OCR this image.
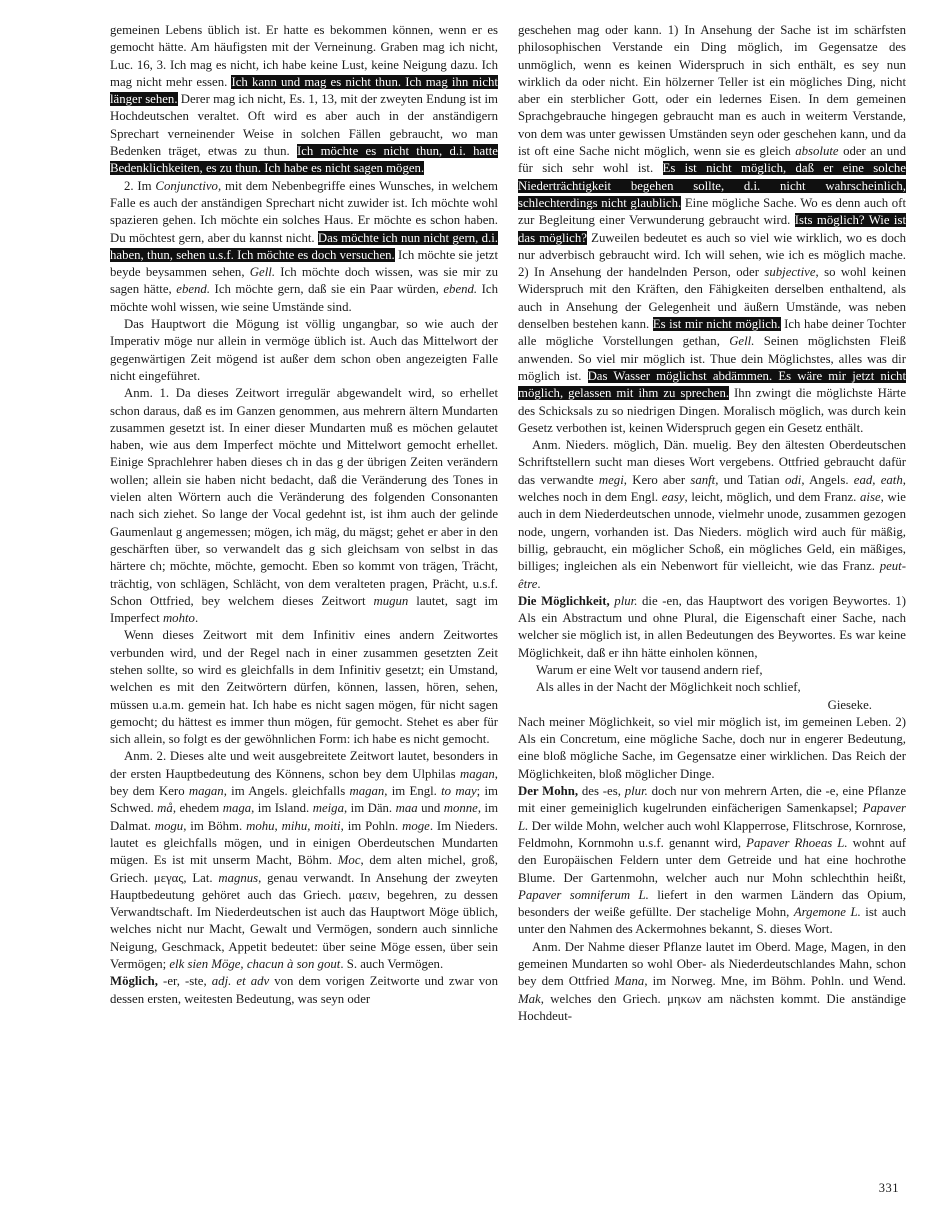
gemeinen Lebens üblich ist. Er hatte es bekommen können, wenn er es gemocht hätte. Am häufigsten mit der Verneinung. Graben mag ich nicht, Luc. 16, 3. Ich mag es nicht, ich habe keine Lust, keine Neigung dazu. Ich mag nicht mehr essen. Ich kann und mag es nicht thun. Ich mag ihn nicht länger sehen. Derer mag ich nicht, Es. 1, 13, mit der zweyten Endung ist im Hochdeutschen veraltet. Oft wird es aber auch in der anständigern Sprechart verneinender Weise in solchen Fällen gebraucht, wo man Bedenken träget, etwas zu thun. Ich möchte es nicht thun, d.i. hatte Bedenklichkeiten, es zu thun. Ich habe es nicht sagen mögen.

2. Im Conjunctivo, mit dem Nebenbegriffe eines Wunsches, in welchem Falle es auch der anständigen Sprechart nicht zuwider ist. Ich möchte wohl spazieren gehen. Ich möchte ein solches Haus. Er möchte es schon haben. Du möchtest gern, aber du kannst nicht. Das möchte ich nun nicht gern, d.i. haben, thun, sehen u.s.f. Ich möchte es doch versuchen. Ich möchte sie jetzt beyde beysammen sehen, Gell. Ich möchte doch wissen, was sie mir zu sagen hätte, ebend. Ich möchte gern, daß sie ein Paar würden, ebend. Ich möchte wohl wissen, wie seine Umstände sind.

Das Hauptwort die Mögung ist völlig ungangbar, so wie auch der Imperativ möge nur allein in vermöge üblich ist. Auch das Mittelwort der gegenwärtigen Zeit mögend ist außer dem schon oben angezeigten Falle nicht eingeführet.

Anm. 1. Da dieses Zeitwort irregulär abgewandelt wird, so erhellet schon daraus, daß es im Ganzen genommen, aus mehrern ältern Mundarten zusammen gesetzt ist. In einer dieser Mundarten muß es möchen gelautet haben, wie aus dem Imperfect möchte und Mittelwort gemocht erhellet. Einige Sprachlehrer haben dieses ch in das g der übrigen Zeiten verändern wollen; allein sie haben nicht bedacht, daß die Veränderung des Tones in vielen alten Wörtern auch die Veränderung des folgenden Consonanten nach sich ziehet. So lange der Vocal gedehnt ist, ist ihm auch der gelinde Gaumenlaut g angemessen; mögen, ich mäg, du mägst; gehet er aber in den geschärften über, so verwandelt das g sich gleichsam von selbst in das härtere ch; möchte, möchte, gemocht. Eben so kommt von trägen, Trächt, trächtig, von schlägen, Schlächt, von dem veralteten pragen, Prächt, u.s.f. Schon Ottfried, bey welchem dieses Zeitwort mugun lautet, sagt im Imperfect mohto.

Wenn dieses Zeitwort mit dem Infinitiv eines andern Zeitwortes verbunden wird, und der Regel nach in einer zusammen gesetzten Zeit stehen sollte, so wird es gleichfalls in dem Infinitiv gesetzt; ein Umstand, welchen es mit den Zeitwörtern dürfen, können, lassen, hören, sehen, müssen u.a.m. gemein hat. Ich habe es nicht sagen mögen, für nicht sagen gemocht; du hättest es immer thun mögen, für gemocht. Stehet es aber für sich allein, so folgt es der gewöhnlichen Form: ich habe es nicht gemocht.

Anm. 2. Dieses alte und weit ausgebreitete Zeitwort lautet, besonders in der ersten Hauptbedeutung des Könnens, schon bey dem Ulphilas magan, bey dem Kero magan, im Angels. gleichfalls magan, im Engl. to may; im Schwed. må, ehedem maga, im Island. meiga, im Dän. maa und monne, im Dalmat. mogu, im Böhm. mohu, mihu, moiti, im Pohln. moge. Im Nieders. lautet es gleichfalls mögen, und in einigen Oberdeutschen Mundarten mügen. Es ist mit unserm Macht, Böhm. Moc, dem alten michel, groß, Griech. μεγας, Lat. magnus, genau verwandt. In Ansehung der zweyten Hauptbedeutung gehöret auch das Griech. μαειν, begehren, zu dessen Verwandtschaft. Im Niederdeutschen ist auch das Hauptwort Möge üblich, welches nicht nur Macht, Gewalt und Vermögen, sondern auch sinnliche Neigung, Geschmack, Appetit bedeutet: über seine Möge essen, über sein Vermögen; elk sien Möge, chacun à son gout. S. auch Vermögen.

Möglich, -er, -ste, adj. et adv von dem vorigen Zeitworte und zwar von dessen ersten, weitesten Bedeutung, was seyn oder

geschehen mag oder kann. 1) In Ansehung der Sache ist im schärfsten philosophischen Verstande ein Ding möglich, im Gegensatze des unmöglich, wenn es keinen Widerspruch in sich enthält, es sey nun wirklich da oder nicht. Ein hölzerner Teller ist ein mögliches Ding, nicht aber ein sterblicher Gott, oder ein ledernes Eisen. In dem gemeinen Sprachgebrauche hingegen gebraucht man es auch in weiterm Verstande, von dem was unter gewissen Umständen seyn oder geschehen kann, und da ist oft eine Sache nicht möglich, wenn sie es gleich absolute oder an und für sich sehr wohl ist. Es ist nicht möglich, daß er eine solche Niederträchtigkeit begehen sollte, d.i. nicht wahrscheinlich, schlechterdings nicht glaublich. Eine mögliche Sache. Wo es denn auch oft zur Begleitung einer Verwunderung gebraucht wird. Ists möglich? Wie ist das möglich? Zuweilen bedeutet es auch so viel wie wirklich, wo es doch nur adverbisch gebraucht wird. Ich will sehen, wie ich es möglich mache. 2) In Ansehung der handelnden Person, oder subjective, so wohl keinen Widerspruch mit den Kräften, den Fähigkeiten derselben enthaltend, als auch in Ansehung der Gelegenheit und äußern Umstände, was neben denselben bestehen kann. Es ist mir nicht möglich. Ich habe deiner Tochter alle mögliche Vorstellungen gethan, Gell. Seinen möglichsten Fleiß anwenden. So viel mir möglich ist. Thue dein Möglichstes, alles was dir möglich ist. Das Wasser möglichst abdämmen. Es wäre mir jetzt nicht möglich, gelassen mit ihm zu sprechen. Ihn zwingt die möglichste Härte des Schicksals zu so niedrigen Dingen. Moralisch möglich, was durch kein Gesetz verbothen ist, keinen Widerspruch gegen ein Gesetz enthält.

Anm. Nieders. möglich, Dän. muelig. Bey den ältesten Oberdeutschen Schriftstellern sucht man dieses Wort vergebens. Ottfried gebraucht dafür das verwandte megi, Kero aber sanft, und Tatian odi, Angels. ead, eath, welches noch in dem Engl. easy, leicht, möglich, und dem Franz. aise, wie auch in dem Niederdeutschen unnode, vielmehr unode, zusammen gezogen node, ungern, vorhanden ist. Das Nieders. möglich wird auch für mäßig, billig, gebraucht, ein möglicher Schoß, ein mögliches Geld, ein mäßiges, billiges; ingleichen als ein Nebenwort für vielleicht, wie das Franz. peut-être.

Die Möglichkeit, plur. die -en, das Hauptwort des vorigen Beywortes. 1) Als ein Abstractum und ohne Plural, die Eigenschaft einer Sache, nach welcher sie möglich ist, in allen Bedeutungen des Beywortes. Es war keine Möglichkeit, daß er ihn hätte einholen können,

Warum er eine Welt vor tausend andern rief,

Als alles in der Nacht der Möglichkeit noch schlief,

Gieseke.

Nach meiner Möglichkeit, so viel mir möglich ist, im gemeinen Leben. 2) Als ein Concretum, eine mögliche Sache, doch nur in engerer Bedeutung, eine bloß mögliche Sache, im Gegensatze einer wirklichen. Das Reich der Möglichkeiten, bloß möglicher Dinge.

Der Mohn, des -es, plur. doch nur von mehrern Arten, die -e, eine Pflanze mit einer gemeiniglich kugelrunden einfächerigen Samenkapsel; Papaver L. Der wilde Mohn, welcher auch wohl Klapperrose, Flitschrose, Kornrose, Feldmohn, Kornmohn u.s.f. genannt wird, Papaver Rhoeas L. wohnt auf den Europäischen Feldern unter dem Getreide und hat eine hochrothe Blume. Der Gartenmohn, welcher auch nur Mohn schlechthin heißt, Papaver somniferum L. liefert in den warmen Ländern das Opium, besonders der weiße gefüllte. Der stachelige Mohn, Argemone L. ist auch unter den Nahmen des Ackermohnes bekannt, S. dieses Wort.

Anm. Der Nahme dieser Pflanze lautet im Oberd. Mage, Magen, in den gemeinen Mundarten so wohl Ober- als Niederdeutschlandes Mahn, schon bey dem Ottfried Mana, im Norweg. Mne, im Böhm. Pohln. und Wend. Mak, welches den Griech. μηκων am nächsten kommt. Die anständige Hochdeut-

331
